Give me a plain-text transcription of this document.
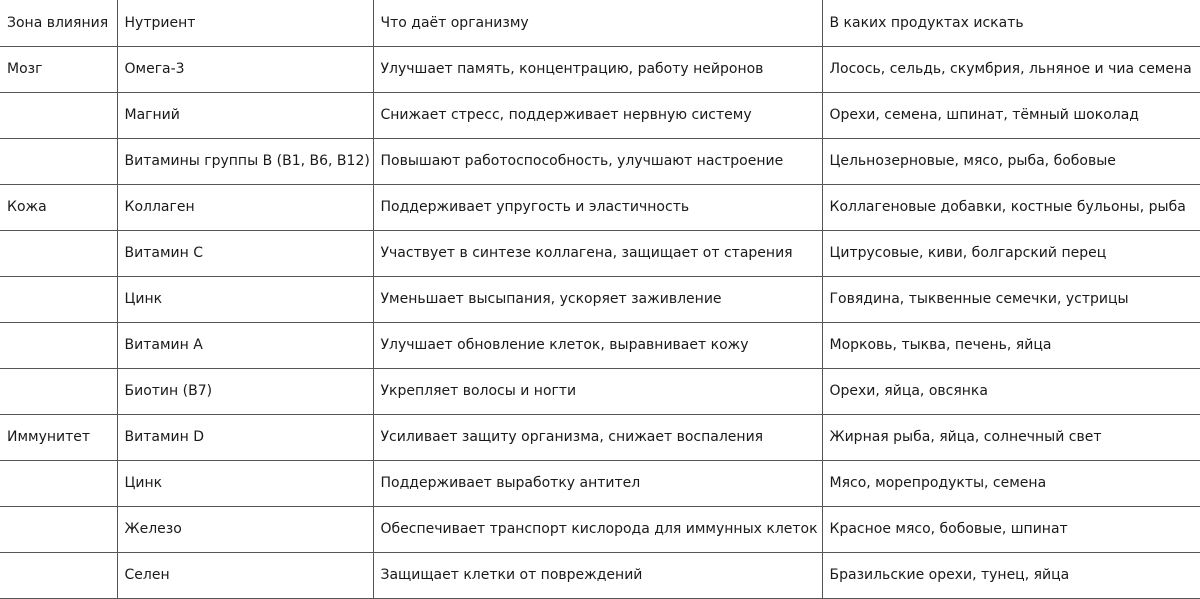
Зона влияния	Нутриент	Что даёт организму	В каких продуктах искать
Мозг	Омега-3	Улучшает память, концентрацию, работу нейронов	Лосось, сельдь, скумбрия, льняное и чиа семена
	Магний	Снижает стресс, поддерживает нервную систему	Орехи, семена, шпинат, тёмный шоколад
	Витамины группы B (B1, B6, B12)	Повышают работоспособность, улучшают настроение	Цельнозерновые, мясо, рыба, бобовые
Кожа	Коллаген	Поддерживает упругость и эластичность	Коллагеновые добавки, костные бульоны, рыба
	Витамин C	Участвует в синтезе коллагена, защищает от старения	Цитрусовые, киви, болгарский перец
	Цинк	Уменьшает высыпания, ускоряет заживление	Говядина, тыквенные семечки, устрицы
	Витамин A	Улучшает обновление клеток, выравнивает кожу	Морковь, тыква, печень, яйца
	Биотин (B7)	Укрепляет волосы и ногти	Орехи, яйца, овсянка
Иммунитет	Витамин D	Усиливает защиту организма, снижает воспаления	Жирная рыба, яйца, солнечный свет
	Цинк	Поддерживает выработку антител	Мясо, морепродукты, семена
	Железо	Обеспечивает транспорт кислорода для иммунных клеток	Красное мясо, бобовые, шпинат
	Селен	Защищает клетки от повреждений	Бразильские орехи, тунец, яйца
